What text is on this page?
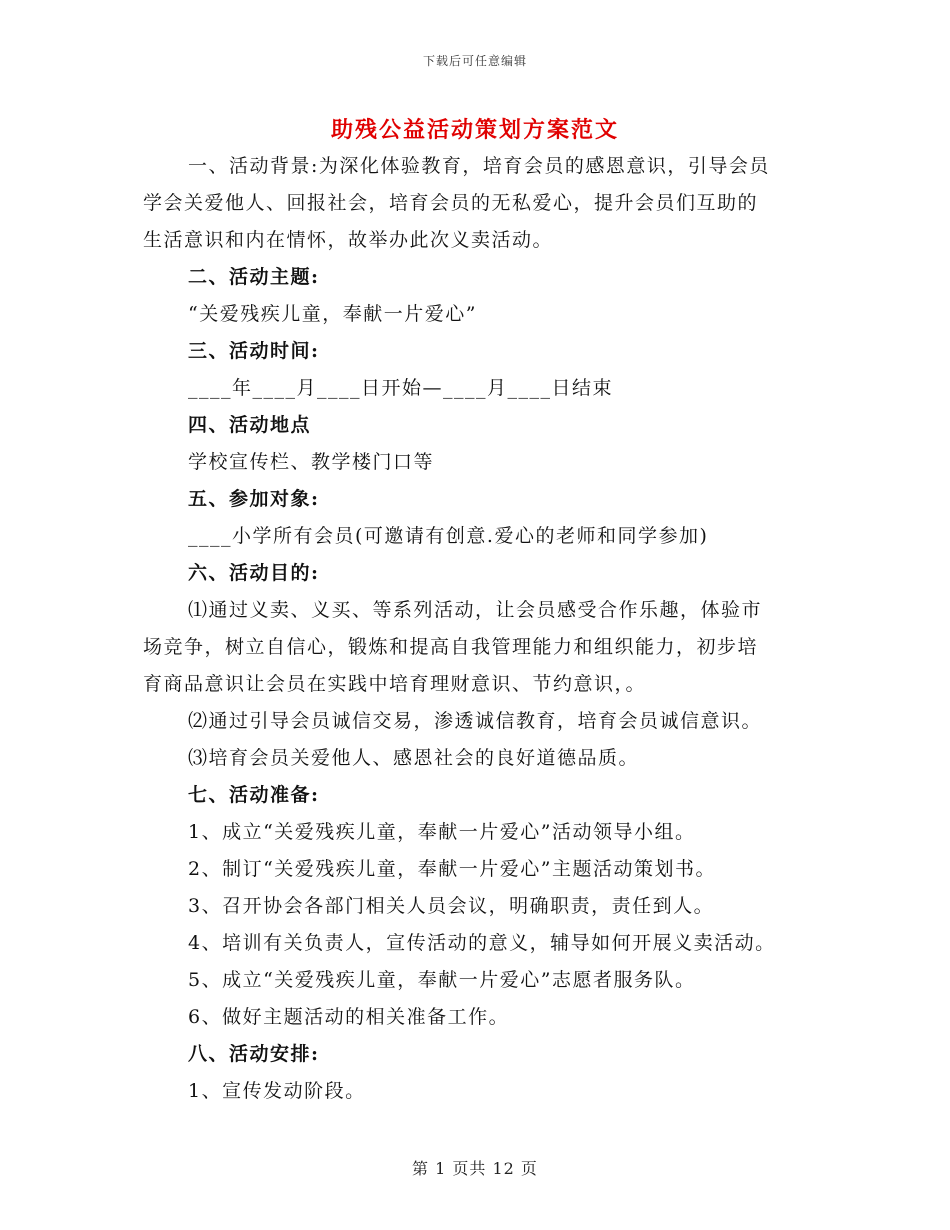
下载后可任意编辑
助残公益活动策划方案范文

一、活动背景:为深化体验教育，培育会员的感恩意识，引导会员

学会关爱他人、回报社会，培育会员的无私爱心，提升会员们互助的

生活意识和内在情怀，故举办此次义卖活动。

二、活动主题:

“关爱残疾儿童，奉献一片爱心”

三、活动时间:

____年____月____日开始—____月____日结束

四、活动地点

学校宣传栏、教学楼门口等

五、参加对象:

____小学所有会员(可邀请有创意.爱心的老师和同学参加)

六、活动目的:

⑴通过义卖、义买、等系列活动，让会员感受合作乐趣，体验市

场竞争，树立自信心，锻炼和提高自我管理能力和组织能力，初步培

育商品意识让会员在实践中培育理财意识、节约意识，。

⑵通过引导会员诚信交易，渗透诚信教育，培育会员诚信意识。

⑶培育会员关爱他人、感恩社会的良好道德品质。

七、活动准备:

1、成立“关爱残疾儿童，奉献一片爱心”活动领导小组。

2、制订“关爱残疾儿童，奉献一片爱心”主题活动策划书。

3、召开协会各部门相关人员会议，明确职责，责任到人。

4、培训有关负责人，宣传活动的意义，辅导如何开展义卖活动。

5、成立“关爱残疾儿童，奉献一片爱心”志愿者服务队。

6、做好主题活动的相关准备工作。

八、活动安排:

1、宣传发动阶段。

第 1 页共 12 页
